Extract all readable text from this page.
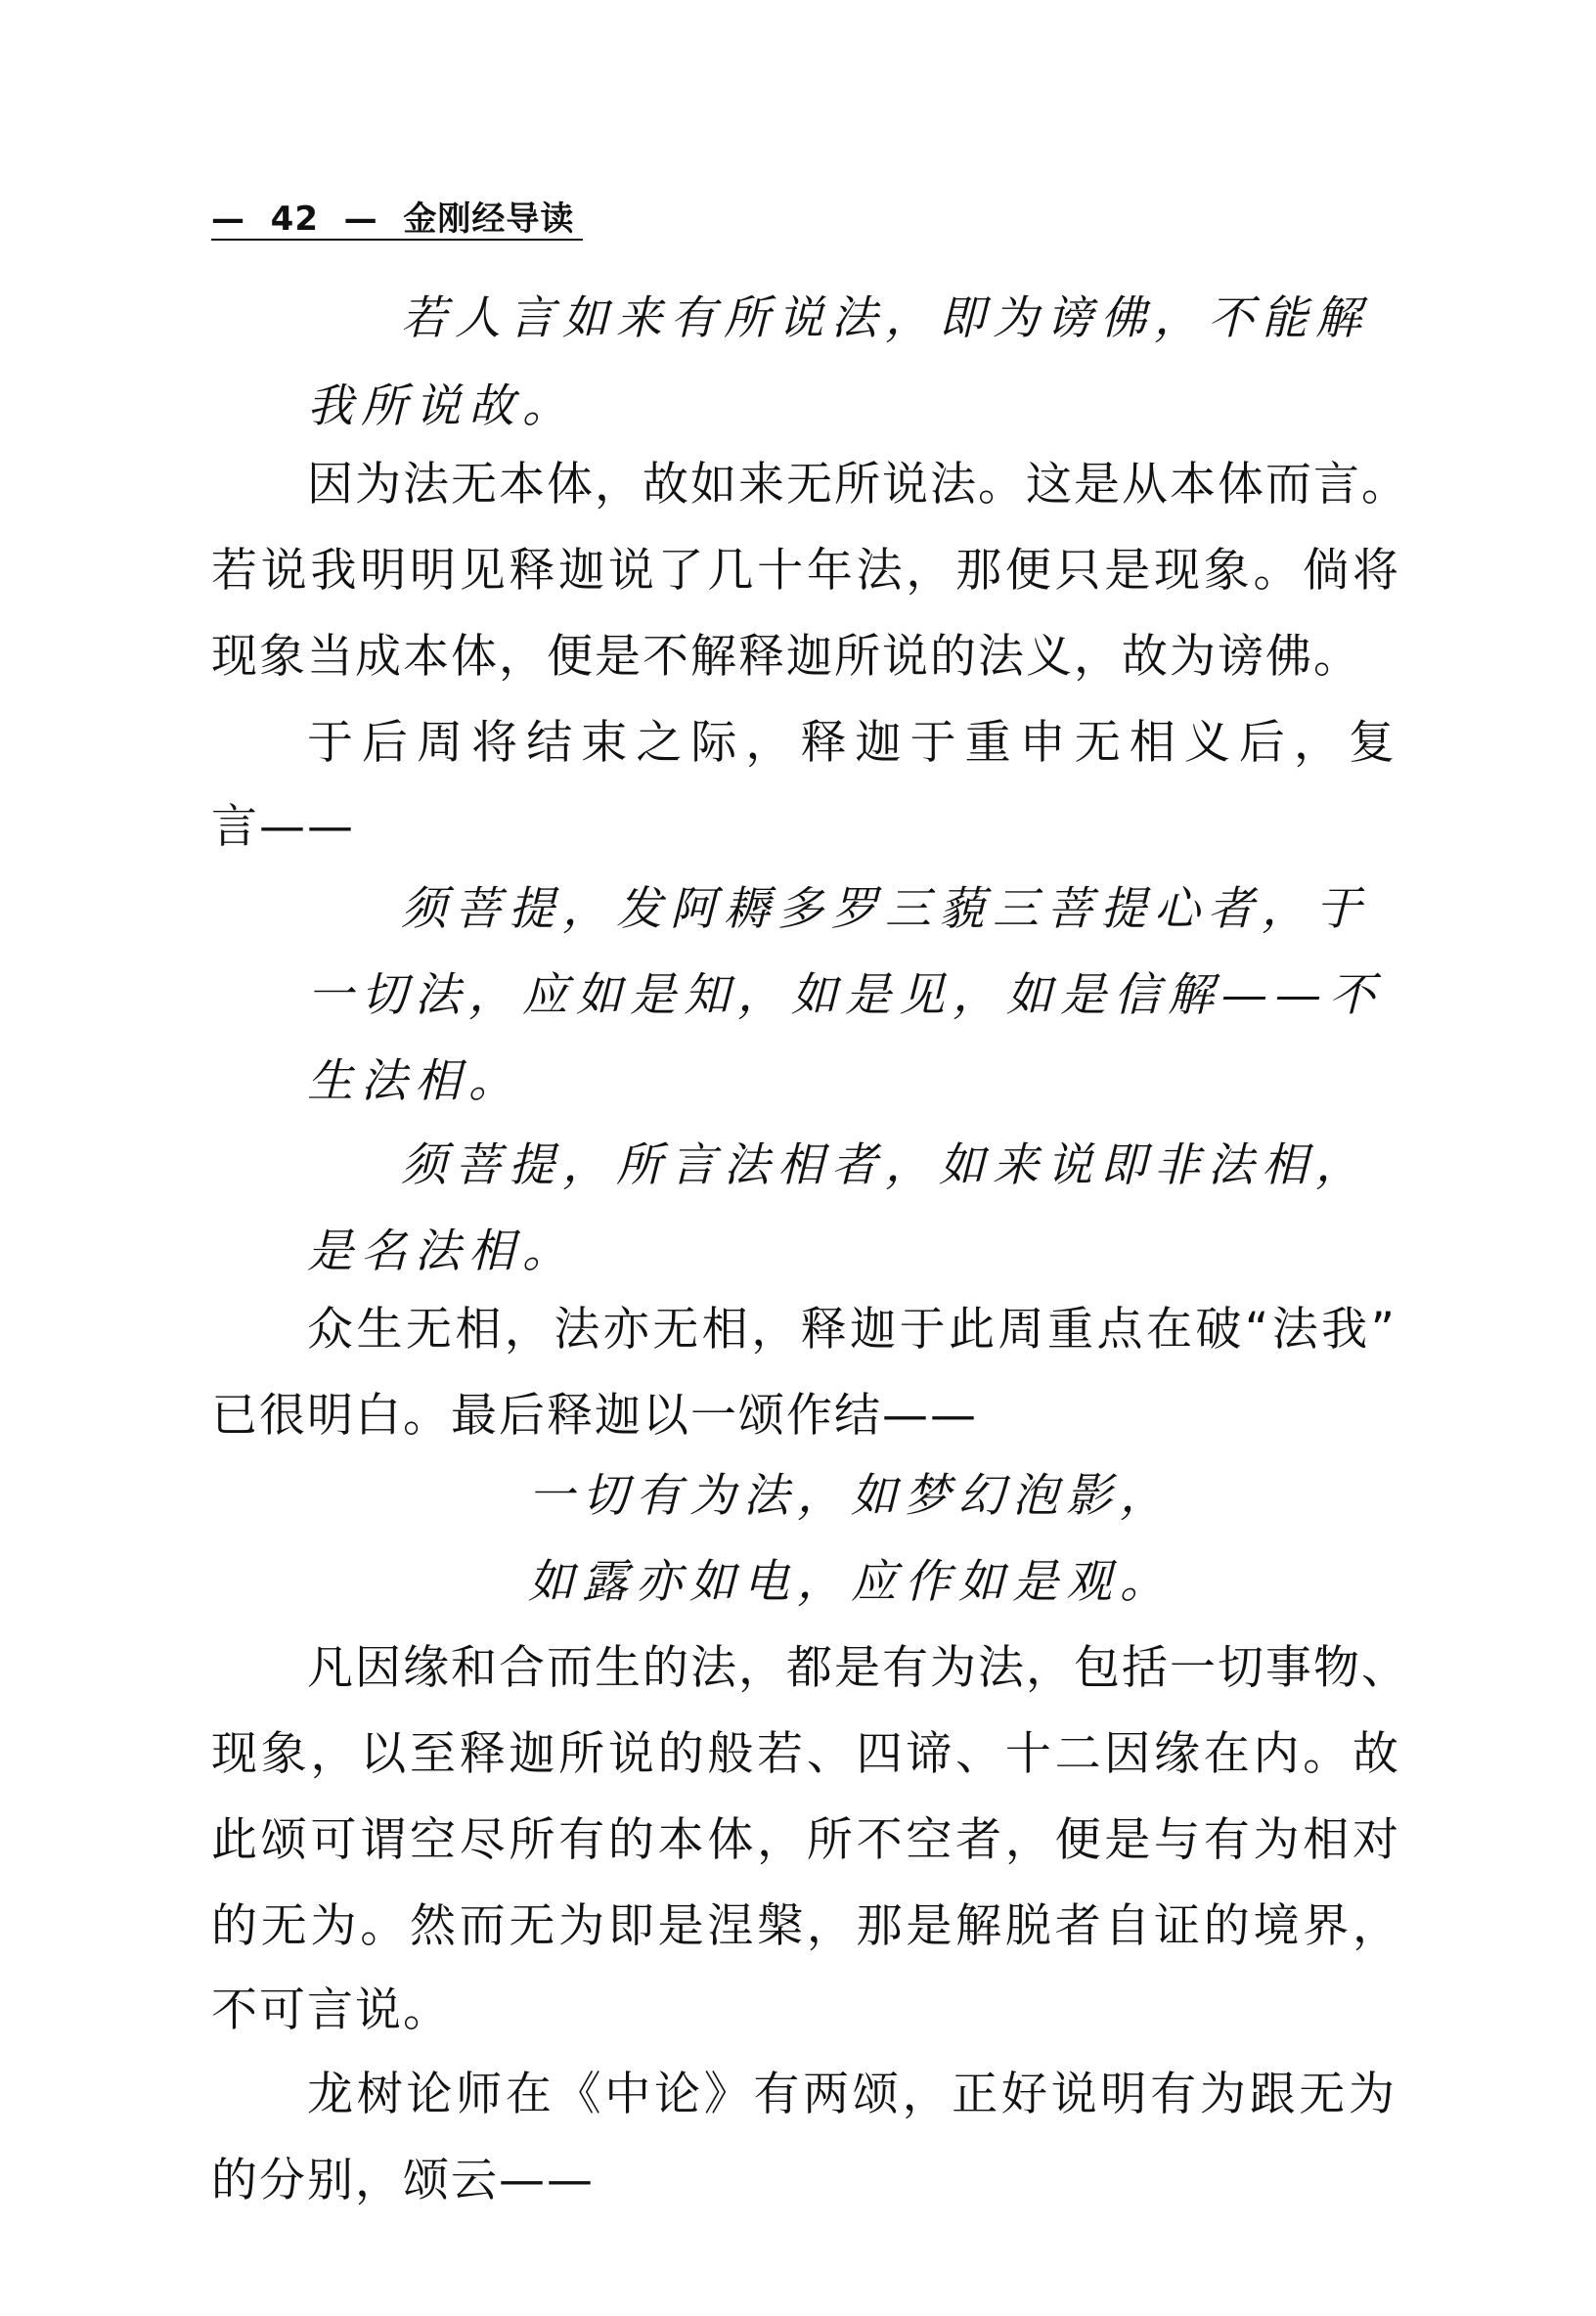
—  42  —  金刚经导读
若人言如来有所说法，即为谤佛，不能解
我所说故。
因为法无本体，故如来无所说法。这是从本体而言。
若说我明明见释迦说了几十年法，那便只是现象。倘将
现象当成本体，便是不解释迦所说的法义，故为谤佛。
于后周将结束之际，释迦于重申无相义后，复
言——
须菩提，发阿耨多罗三藐三菩提心者，于
一切法，应如是知，如是见，如是信解——不
生法相。
须菩提，所言法相者，如来说即非法相，
是名法相。
众生无相，法亦无相，释迦于此周重点在破“法我”
已很明白。最后释迦以一颂作结——
一切有为法，如梦幻泡影，
如露亦如电，应作如是观。
凡因缘和合而生的法，都是有为法，包括一切事物、
现象，以至释迦所说的般若、四谛、十二因缘在内。故
此颂可谓空尽所有的本体，所不空者，便是与有为相对
的无为。然而无为即是涅槃，那是解脱者自证的境界，
不可言说。
龙树论师在《中论》有两颂，正好说明有为跟无为
的分别，颂云——
